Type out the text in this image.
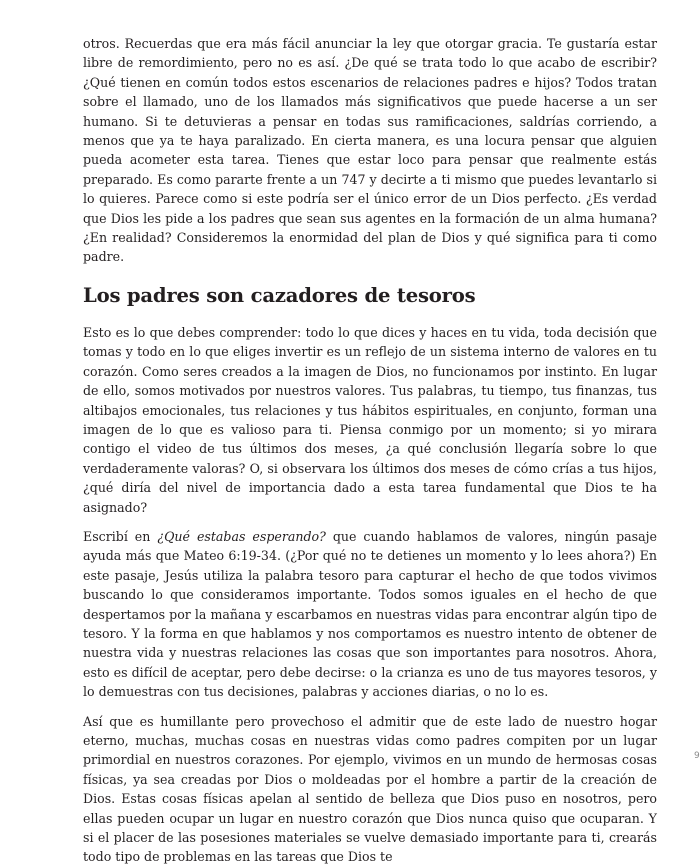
otros. Recuerdas que era más fácil anunciar la ley que otorgar gracia. Te gustaría estar libre de remordimiento, pero no es así. ¿De qué se trata todo lo que acabo de escribir? ¿Qué tienen en común todos estos escenarios de relaciones padres e hijos? Todos tratan sobre el llamado, uno de los llamados más significativos que puede hacerse a un ser humano. Si te detuvieras a pensar en todas sus ramificaciones, saldrías corriendo, a menos que ya te haya paralizado. En cierta manera, es una locura pensar que alguien pueda acometer esta tarea. Tienes que estar loco para pensar que realmente estás preparado. Es como pararte frente a un 747 y decirte a ti mismo que puedes levantarlo si lo quieres. Parece como si este podría ser el único error de un Dios perfecto. ¿Es verdad que Dios les pide a los padres que sean sus agentes en la formación de un alma humana? ¿En realidad? Consideremos la enormidad del plan de Dios y qué significa para ti como padre.

Los padres son cazadores de tesoros

Esto es lo que debes comprender: todo lo que dices y haces en tu vida, toda decisión que tomas y todo en lo que eliges invertir es un reflejo de un sistema interno de valores en tu corazón. Como seres creados a la imagen de Dios, no funcionamos por instinto. En lugar de ello, somos motivados por nuestros valores. Tus palabras, tu tiempo, tus finanzas, tus altibajos emocionales, tus relaciones y tus hábitos espirituales, en conjunto, forman una imagen de lo que es valioso para ti. Piensa conmigo por un momento; si yo mirara contigo el video de tus últimos dos meses, ¿a qué conclusión llegaría sobre lo que verdaderamente valoras? O, si observara los últimos dos meses de cómo crías a tus hijos, ¿qué diría del nivel de importancia dado a esta tarea fundamental que Dios te ha asignado?

Escribí en ¿Qué estabas esperando? que cuando hablamos de valores, ningún pasaje ayuda más que Mateo 6:19-34. (¿Por qué no te detienes un momento y lo lees ahora?) En este pasaje, Jesús utiliza la palabra tesoro para capturar el hecho de que todos vivimos buscando lo que consideramos importante. Todos somos iguales en el hecho de que despertamos por la mañana y escarbamos en nuestras vidas para encontrar algún tipo de tesoro. Y la forma en que hablamos y nos comportamos es nuestro intento de obtener de nuestra vida y nuestras relaciones las cosas que son importantes para nosotros. Ahora, esto es difícil de aceptar, pero debe decirse: o la crianza es uno de tus mayores tesoros, y lo demuestras con tus decisiones, palabras y acciones diarias, o no lo es.

Así que es humillante pero provechoso el admitir que de este lado de nuestro hogar eterno, muchas, muchas cosas en nuestras vidas como padres compiten por un lugar primordial en nuestros corazones. Por ejemplo, vivimos en un mundo de hermosas cosas físicas, ya sea creadas por Dios o moldeadas por el hombre a partir de la creación de Dios. Estas cosas físicas apelan al sentido de belleza que Dios puso en nosotros, pero ellas pueden ocupar un lugar en nuestro corazón que Dios nunca quiso que ocuparan. Y si el placer de las posesiones materiales se vuelve demasiado importante para ti, crearás todo tipo de problemas en las tareas que Dios te

9
